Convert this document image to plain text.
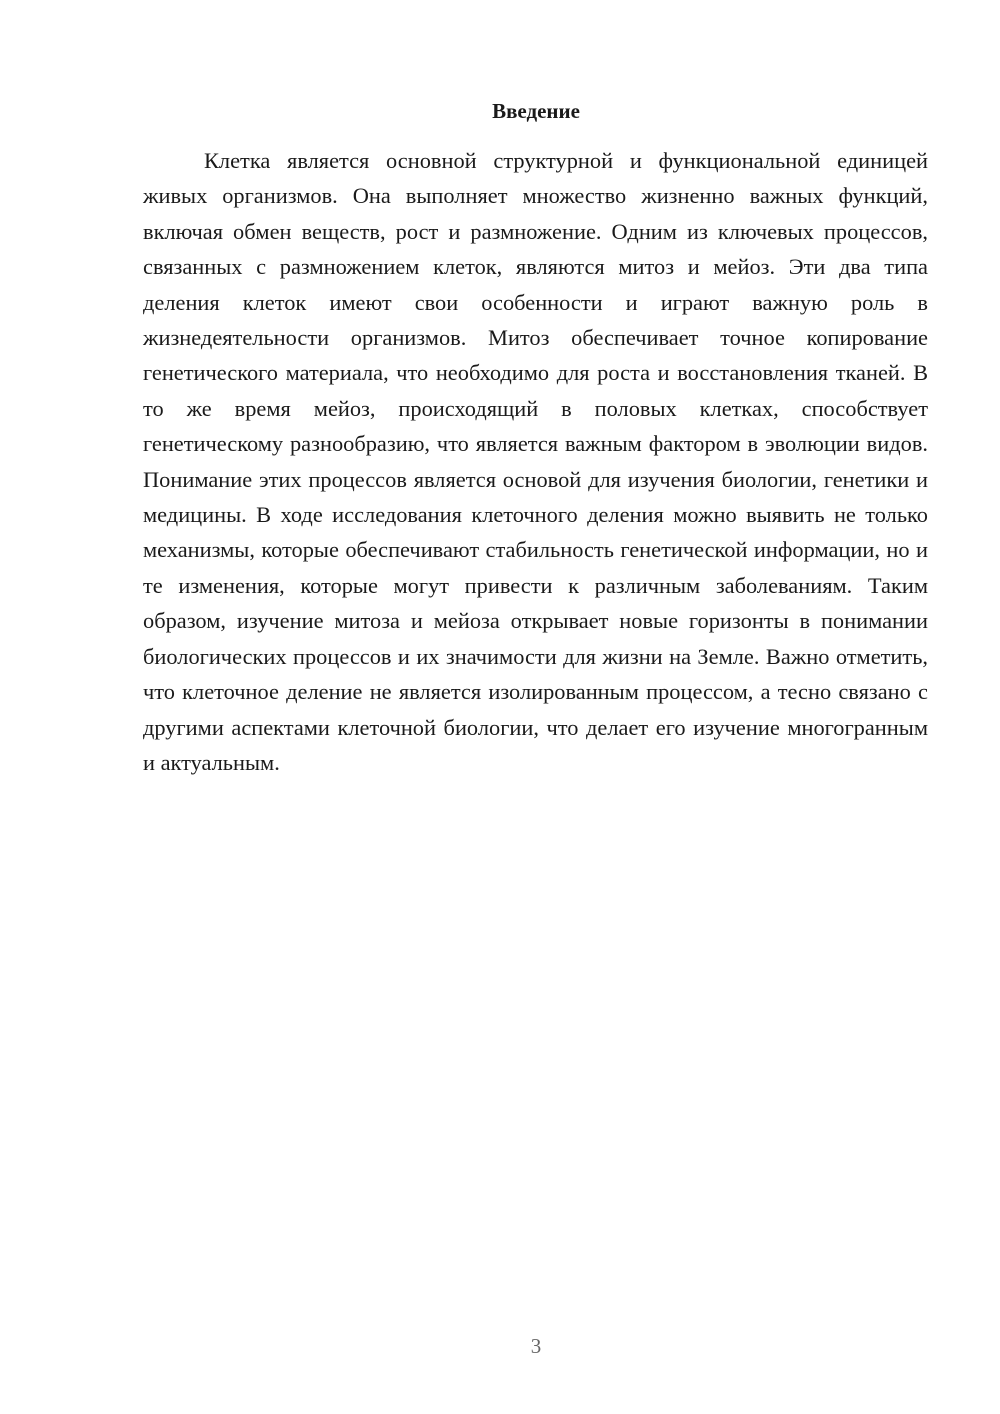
Введение

Клетка является основной структурной и функциональной единицей живых организмов. Она выполняет множество жизненно важных функций, включая обмен веществ, рост и размножение. Одним из ключевых процессов, связанных с размножением клеток, являются митоз и мейоз. Эти два типа деления клеток имеют свои особенности и играют важную роль в жизнедеятельности организмов. Митоз обеспечивает точное копирование генетического материала, что необходимо для роста и восстановления тканей. В то же время мейоз, происходящий в половых клетках, способствует генетическому разнообразию, что является важным фактором в эволюции видов. Понимание этих процессов является основой для изучения биологии, генетики и медицины. В ходе исследования клеточного деления можно выявить не только механизмы, которые обеспечивают стабильность генетической информации, но и те изменения, которые могут привести к различным заболеваниям. Таким образом, изучение митоза и мейоза открывает новые горизонты в понимании биологических процессов и их значимости для жизни на Земле. Важно отметить, что клеточное деление не является изолированным процессом, а тесно связано с другими аспектами клеточной биологии, что делает его изучение многогранным и актуальным.

3
